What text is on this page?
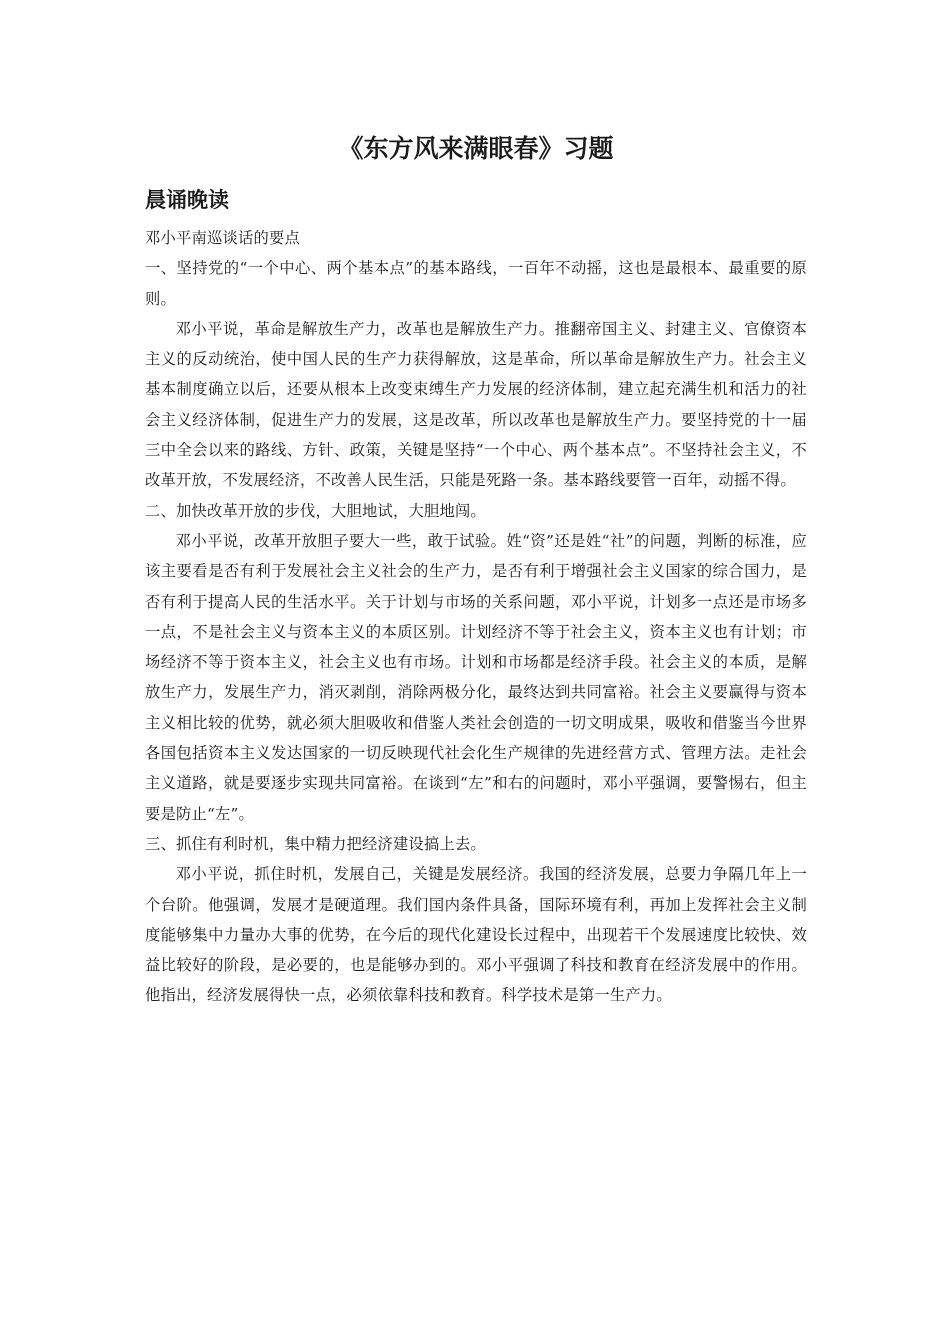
《东方风来满眼春》习题
晨诵晚读

邓小平南巡谈话的要点

一、坚持党的“一个中心、两个基本点”的基本路线，一百年不动摇，这也是最根本、最重要的原则。

邓小平说，革命是解放生产力，改革也是解放生产力。推翻帝国主义、封建主义、官僚资本主义的反动统治，使中国人民的生产力获得解放，这是革命，所以革命是解放生产力。社会主义基本制度确立以后，还要从根本上改变束缚生产力发展的经济体制，建立起充满生机和活力的社会主义经济体制，促进生产力的发展，这是改革，所以改革也是解放生产力。要坚持党的十一届三中全会以来的路线、方针、政策，关键是坚持“一个中心、两个基本点”。不坚持社会主义，不改革开放，不发展经济，不改善人民生活，只能是死路一条。基本路线要管一百年，动摇不得。

二、加快改革开放的步伐，大胆地试，大胆地闯。

邓小平说，改革开放胆子要大一些，敢于试验。姓“资”还是姓“社”的问题，判断的标准，应该主要看是否有利于发展社会主义社会的生产力，是否有利于增强社会主义国家的综合国力，是否有利于提高人民的生活水平。关于计划与市场的关系问题，邓小平说，计划多一点还是市场多一点，不是社会主义与资本主义的本质区别。计划经济不等于社会主义，资本主义也有计划；市场经济不等于资本主义，社会主义也有市场。计划和市场都是经济手段。社会主义的本质，是解放生产力，发展生产力，消灭剥削，消除两极分化，最终达到共同富裕。社会主义要赢得与资本主义相比较的优势，就必须大胆吸收和借鉴人类社会创造的一切文明成果，吸收和借鉴当今世界各国包括资本主义发达国家的一切反映现代社会化生产规律的先进经营方式、管理方法。走社会主义道路，就是要逐步实现共同富裕。在谈到“左”和右的问题时，邓小平强调，要警惕右，但主要是防止“左”。

三、抓住有利时机，集中精力把经济建设搞上去。

邓小平说，抓住时机，发展自己，关键是发展经济。我国的经济发展，总要力争隔几年上一个台阶。他强调，发展才是硬道理。我们国内条件具备，国际环境有利，再加上发挥社会主义制度能够集中力量办大事的优势，在今后的现代化建设长过程中，出现若干个发展速度比较快、效益比较好的阶段，是必要的，也是能够办到的。邓小平强调了科技和教育在经济发展中的作用。他指出，经济发展得快一点，必须依靠科技和教育。科学技术是第一生产力。
